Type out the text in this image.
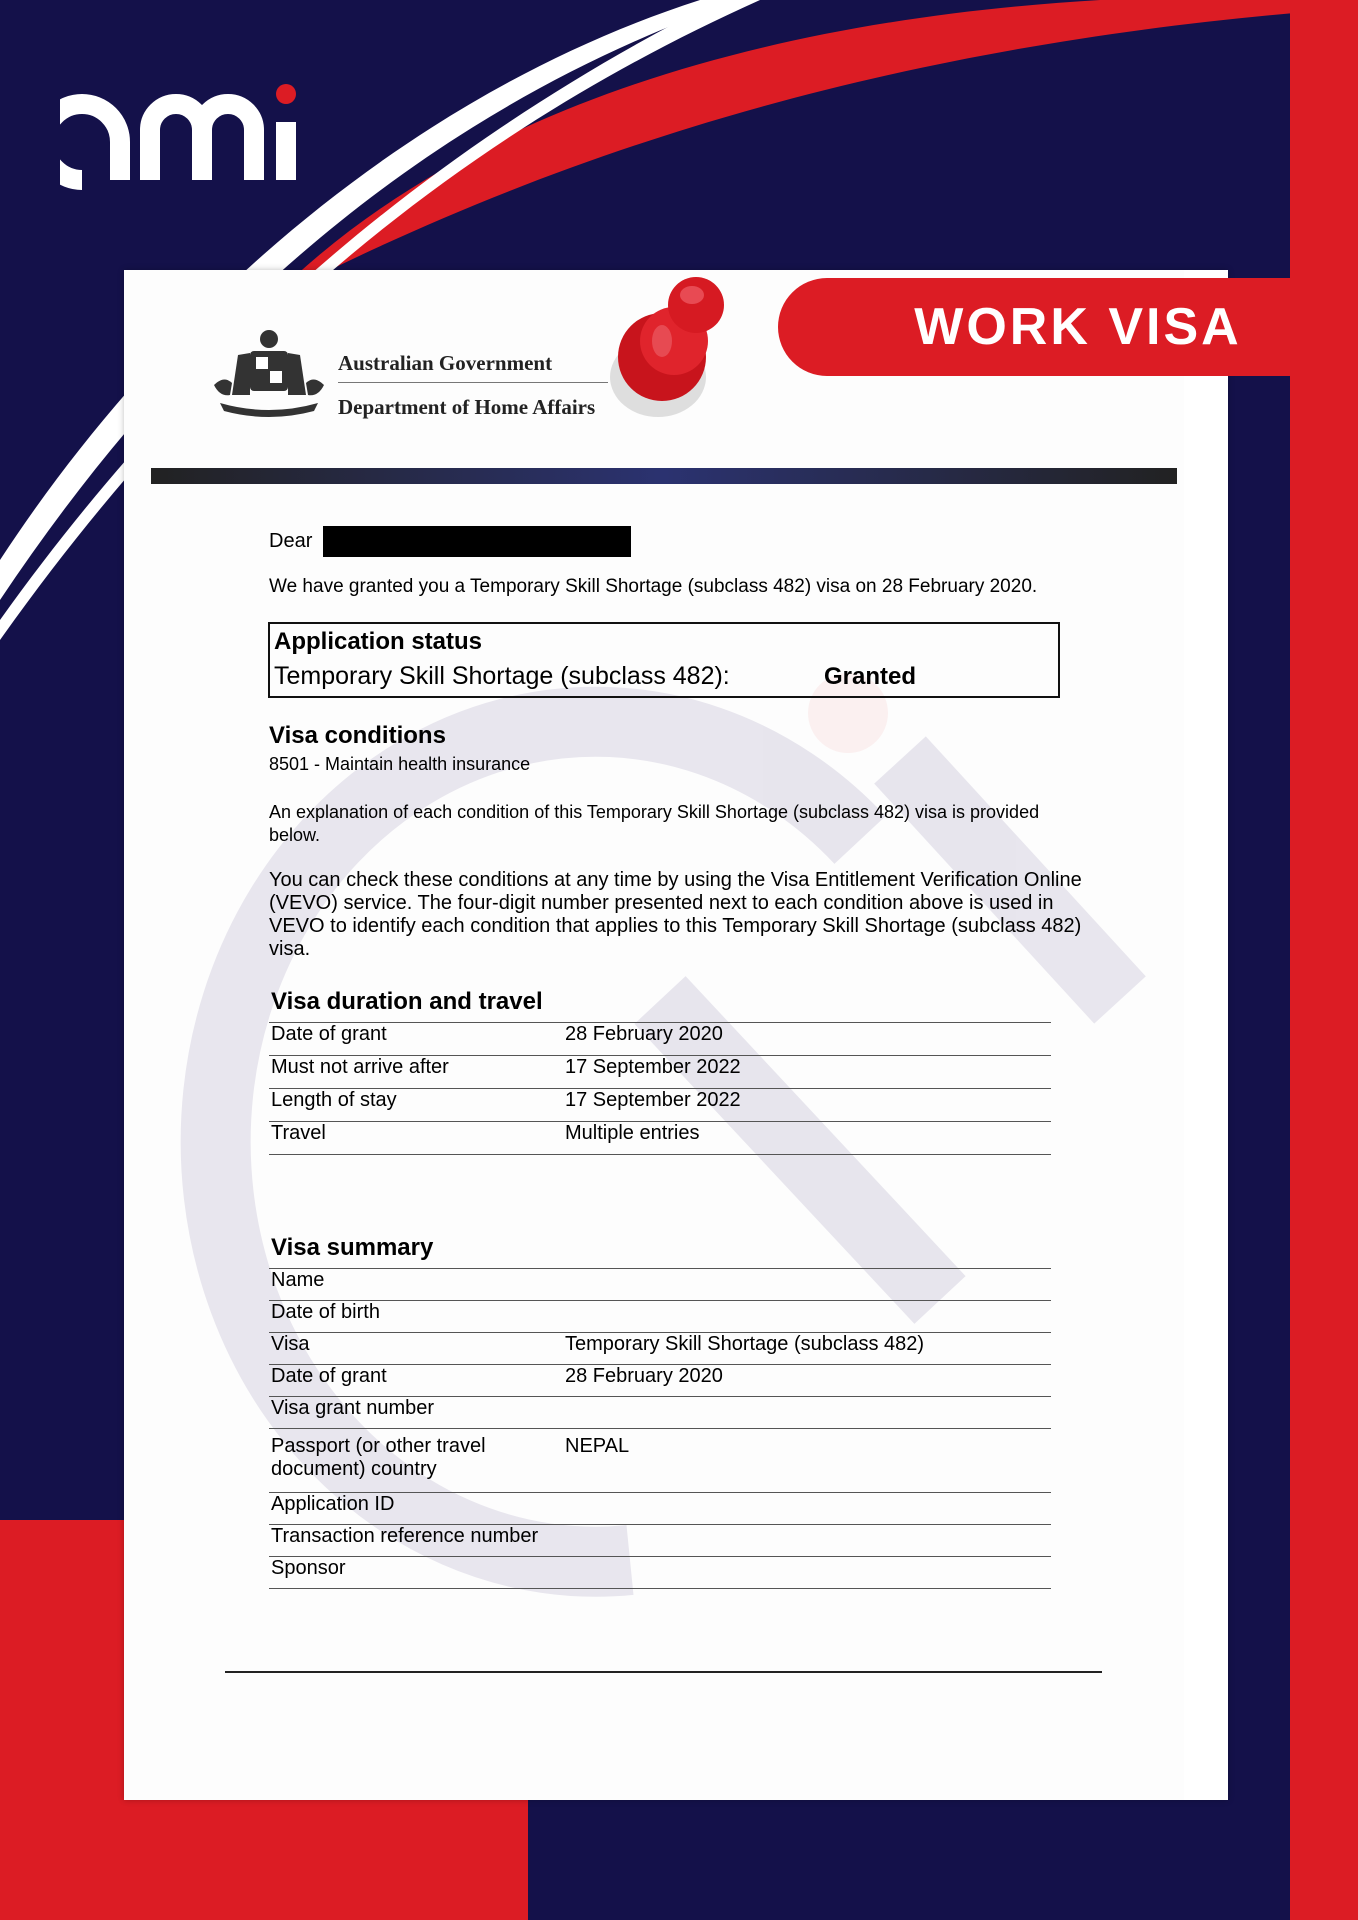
Australian Government
Department of Home Affairs
WORK VISA
Dear
We have granted you a Temporary Skill Shortage (subclass 482) visa on 28 February 2020.
Application status
Temporary Skill Shortage (subclass 482):	Granted
Visa conditions
8501 - Maintain health insurance
An explanation of each condition of this Temporary Skill Shortage (subclass 482) visa is provided below.
You can check these conditions at any time by using the Visa Entitlement Verification Online (VEVO) service. The four-digit number presented next to each condition above is used in VEVO to identify each condition that applies to this Temporary Skill Shortage (subclass 482) visa.
Visa duration and travel
Date of grant	28 February 2020
Must not arrive after	17 September 2022
Length of stay	17 September 2022
Travel	Multiple entries
Visa summary
Name	
Date of birth	
Visa	Temporary Skill Shortage (subclass 482)
Date of grant	28 February 2020
Visa grant number	
Passport (or other travel document) country	NEPAL
Application ID	
Transaction reference number	
Sponsor	
